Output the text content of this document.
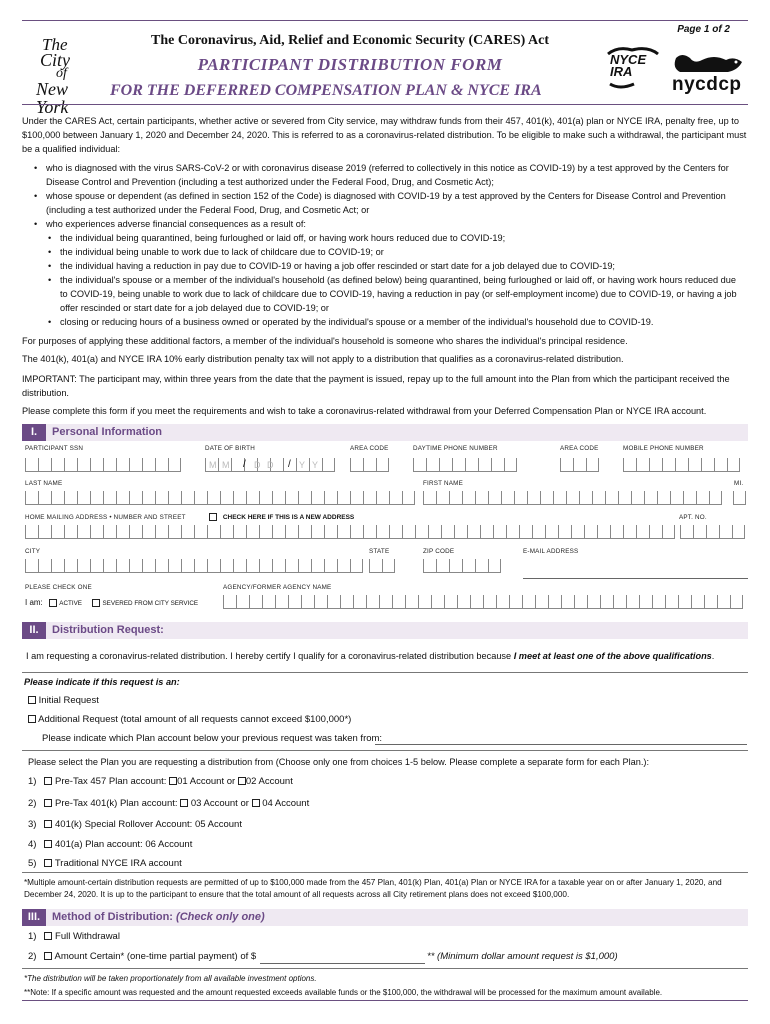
Page 1 of 2
The
City
of
New York
The Coronavirus, Aid, Relief and Economic Security (CARES) Act
PARTICIPANT DISTRIBUTION FORM
FOR THE DEFERRED COMPENSATION PLAN & NYCE IRA
NYCE IRA
nycdcp
Under the CARES Act, certain participants, whether active or severed from City service, may withdraw funds from their 457, 401(k), 401(a) plan or NYCE IRA, penalty free, up to $100,000 between January 1, 2020 and December 24, 2020. This is referred to as a coronavirus-related distribution. To be eligible to make such a withdrawal, the participant must be a qualified individual:
• who is diagnosed with the virus SARS-CoV-2 or with coronavirus disease 2019 (referred to collectively in this notice as COVID-19) by a test approved by the Centers for Disease Control and Prevention (including a test authorized under the Federal Food, Drug, and Cosmetic Act);
• whose spouse or dependent (as defined in section 152 of the Code) is diagnosed with COVID-19 by a test approved by the Centers for Disease Control and Prevention (including a test authorized under the Federal Food, Drug, and Cosmetic Act; or
• who experiences adverse financial consequences as a result of:
• the individual being quarantined, being furloughed or laid off, or having work hours reduced due to COVID-19;
• the individual being unable to work due to lack of childcare due to COVID-19; or
• the individual having a reduction in pay due to COVID-19 or having a job offer rescinded or start date for a job delayed due to COVID-19;
• the individual's spouse or a member of the individual's household (as defined below) being quarantined, being furloughed or laid off, or having work hours reduced due to COVID-19, being unable to work due to lack of childcare due to COVID-19, having a reduction in pay (or self-employment income) due to COVID-19, or having a job offer rescinded or start date for a job delayed due to COVID-19; or
• closing or reducing hours of a business owned or operated by the individual's spouse or a member of the individual's household due to COVID-19.
For purposes of applying these additional factors, a member of the individual's household is someone who shares the individual's principal residence.
The 401(k), 401(a) and NYCE IRA 10% early distribution penalty tax will not apply to a distribution that qualifies as a coronavirus-related distribution.
IMPORTANT: The participant may, within three years from the date that the payment is issued, repay up to the full amount into the Plan from which the participant received the distribution.
Please complete this form if you meet the requirements and wish to take a coronavirus-related withdrawal from your Deferred Compensation Plan or NYCE IRA account.
I.	Personal Information
PARTICIPANT SSN	DATE OF BIRTH
M M / D D / Y Y
AREA CODE	DAYTIME PHONE NUMBER	AREA CODE	MOBILE PHONE NUMBER
LAST NAME	FIRST NAME	MI.
HOME MAILING ADDRESS • NUMBER AND STREET	CHECK HERE IF THIS IS A NEW ADDRESS	APT. NO.
CITY	STATE	ZIP CODE	E-MAIL ADDRESS
PLEASE CHECK ONE	AGENCY/FORMER AGENCY NAME
I am:	ACTIVE	SEVERED FROM CITY SERVICE
II.	Distribution Request:
I am requesting a coronavirus-related distribution. I hereby certify I qualify for a coronavirus-related distribution because I meet at least one of the above qualifications.
Please indicate if this request is an:
Initial Request
Additional Request (total amount of all requests cannot exceed $100,000*)
Please indicate which Plan account below your previous request was taken from:
Please select the Plan you are requesting a distribution from (Choose only one from choices 1-5 below. Please complete a separate form for each Plan.):
1) Pre-Tax 457 Plan account: 01 Account or 02 Account
2) Pre-Tax 401(k) Plan account: 03 Account or 04 Account
3) 401(k) Special Rollover Account: 05 Account
4) 401(a) Plan account: 06 Account
5) Traditional NYCE IRA account
*Multiple amount-certain distribution requests are permitted of up to $100,000 made from the 457 Plan, 401(k) Plan, 401(a) Plan or NYCE IRA for a taxable year on or after January 1, 2020, and December 24, 2020. It is up to the participant to ensure that the total amount of all requests across all City retirement plans does not exceed $100,000.
III.	Method of Distribution: (Check only one)
1) Full Withdrawal
2) Amount Certain* (one-time partial payment) of $	** (Minimum dollar amount request is $1,000)
*The distribution will be taken proportionately from all available investment options.
**Note: If a specific amount was requested and the amount requested exceeds available funds or the $100,000, the withdrawal will be processed for the maximum amount available.
